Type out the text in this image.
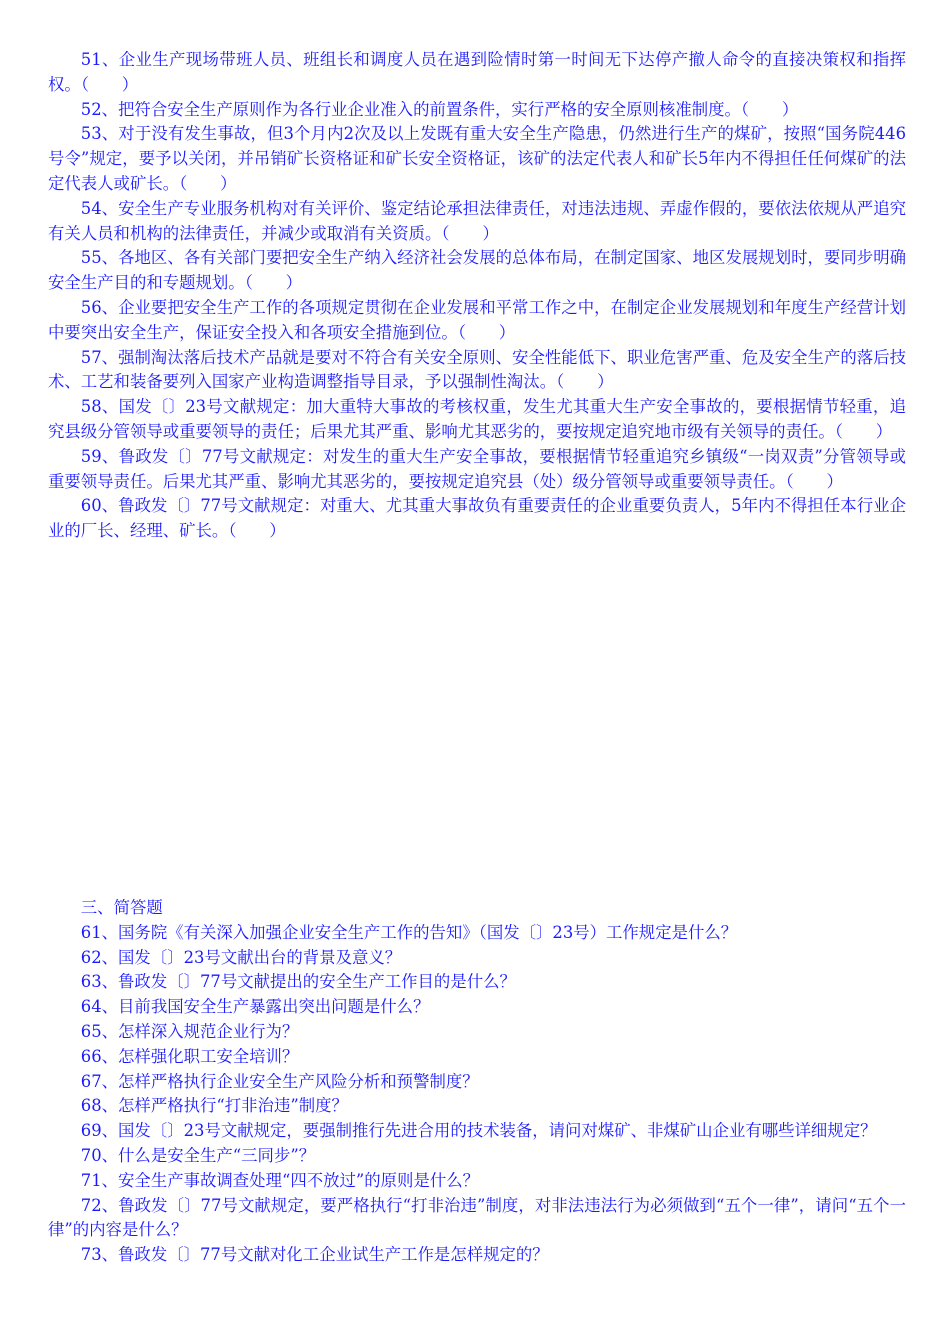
51、企业生产现场带班人员、班组长和调度人员在遇到险情时第一时间无下达停产撤人命令的直接决策权和指挥权。（　　）

52、把符合安全生产原则作为各行业企业准入的前置条件，实行严格的安全原则核准制度。（　　）

53、对于没有发生事故，但3个月内2次及以上发既有重大安全生产隐患，仍然进行生产的煤矿，按照“国务院446号令”规定，要予以关闭，并吊销矿长资格证和矿长安全资格证，该矿的法定代表人和矿长5年内不得担任任何煤矿的法定代表人或矿长。（　　）

54、安全生产专业服务机构对有关评价、鉴定结论承担法律责任，对违法违规、弄虚作假的，要依法依规从严追究有关人员和机构的法律责任，并减少或取消有关资质。（　　）

55、各地区、各有关部门要把安全生产纳入经济社会发展的总体布局，在制定国家、地区发展规划时，要同步明确安全生产目的和专题规划。（　　）

56、企业要把安全生产工作的各项规定贯彻在企业发展和平常工作之中，在制定企业发展规划和年度生产经营计划中要突出安全生产，保证安全投入和各项安全措施到位。（　　）

57、强制淘汰落后技术产品就是要对不符合有关安全原则、安全性能低下、职业危害严重、危及安全生产的落后技术、工艺和装备要列入国家产业构造调整指导目录，予以强制性淘汰。（　　）

58、国发〔〕23号文献规定：加大重特大事故的考核权重，发生尤其重大生产安全事故的，要根据情节轻重，追究县级分管领导或重要领导的责任；后果尤其严重、影响尤其恶劣的，要按规定追究地市级有关领导的责任。（　　）

59、鲁政发〔〕77号文献规定：对发生的重大生产安全事故，要根据情节轻重追究乡镇级“一岗双责”分管领导或重要领导责任。后果尤其严重、影响尤其恶劣的，要按规定追究县（处）级分管领导或重要领导责任。（　　）

60、鲁政发〔〕77号文献规定：对重大、尤其重大事故负有重要责任的企业重要负责人，5年内不得担任本行业企业的厂长、经理、矿长。（　　）

三、简答题

61、国务院《有关深入加强企业安全生产工作的告知》（国发〔〕23号）工作规定是什么？

62、国发〔〕23号文献出台的背景及意义？

63、鲁政发〔〕77号文献提出的安全生产工作目的是什么？

64、目前我国安全生产暴露出突出问题是什么？

65、怎样深入规范企业行为？

66、怎样强化职工安全培训？

67、怎样严格执行企业安全生产风险分析和预警制度？

68、怎样严格执行“打非治违”制度？

69、国发〔〕23号文献规定，要强制推行先进合用的技术装备，请问对煤矿、非煤矿山企业有哪些详细规定？

70、什么是安全生产“三同步”？

71、安全生产事故调查处理“四不放过”的原则是什么？

72、鲁政发〔〕77号文献规定，要严格执行“打非治违”制度，对非法违法行为必须做到“五个一律”，请问“五个一律”的内容是什么？

73、鲁政发〔〕77号文献对化工企业试生产工作是怎样规定的？
